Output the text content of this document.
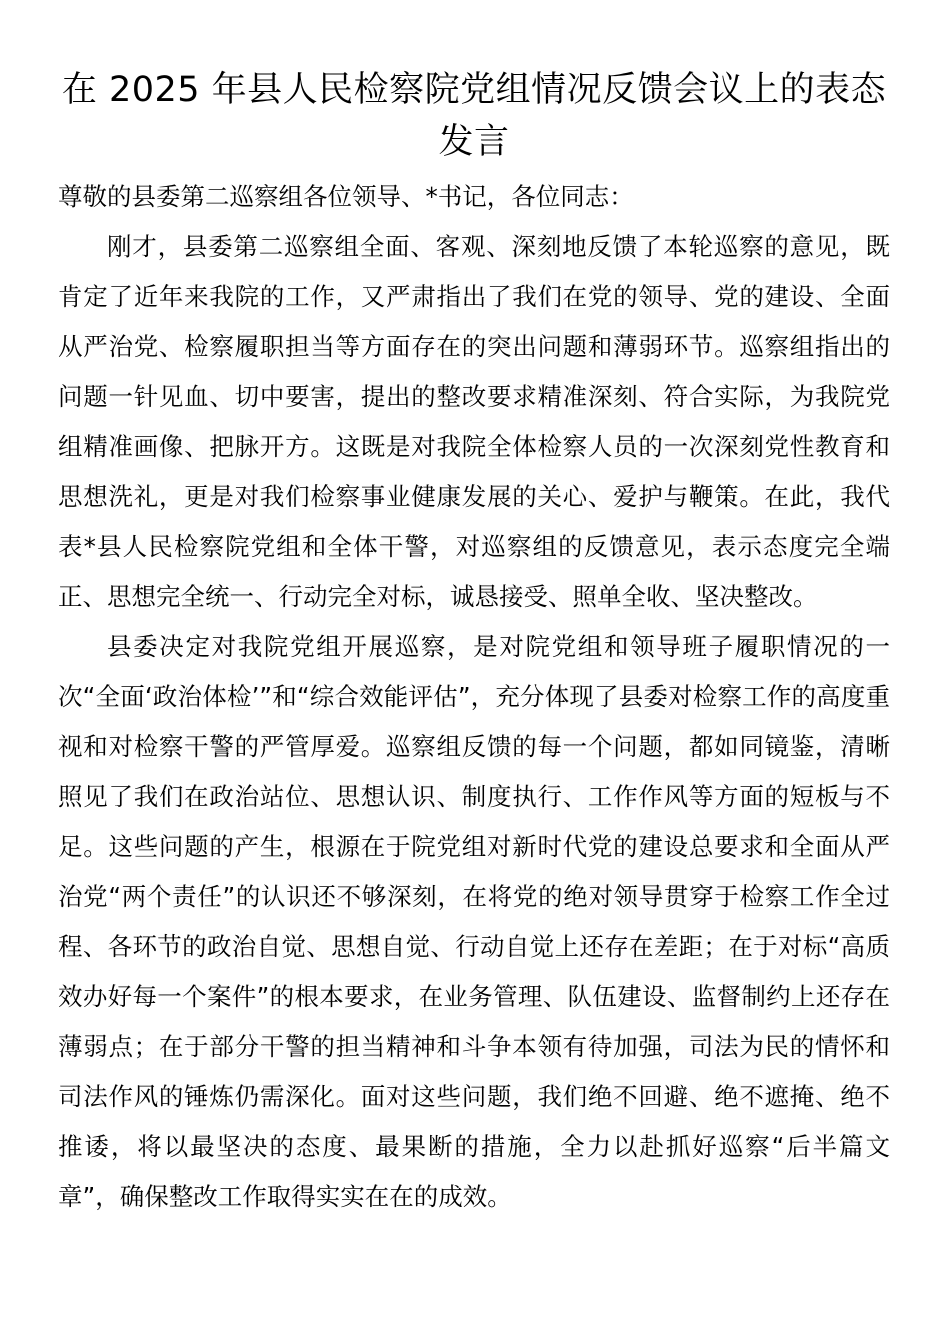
在 2025 年县人民检察院党组情况反馈会议上的表态发言

尊敬的县委第二巡察组各位领导、*书记，各位同志：

刚才，县委第二巡察组全面、客观、深刻地反馈了本轮巡察的意见，既肯定了近年来我院的工作，又严肃指出了我们在党的领导、党的建设、全面从严治党、检察履职担当等方面存在的突出问题和薄弱环节。巡察组指出的问题一针见血、切中要害，提出的整改要求精准深刻、符合实际，为我院党组精准画像、把脉开方。这既是对我院全体检察人员的一次深刻党性教育和思想洗礼，更是对我们检察事业健康发展的关心、爱护与鞭策。在此，我代表*县人民检察院党组和全体干警，对巡察组的反馈意见，表示态度完全端正、思想完全统一、行动完全对标，诚恳接受、照单全收、坚决整改。

县委决定对我院党组开展巡察，是对院党组和领导班子履职情况的一次“全面‘政治体检’”和“综合效能评估”，充分体现了县委对检察工作的高度重视和对检察干警的严管厚爱。巡察组反馈的每一个问题，都如同镜鉴，清晰照见了我们在政治站位、思想认识、制度执行、工作作风等方面的短板与不足。这些问题的产生，根源在于院党组对新时代党的建设总要求和全面从严治党“两个责任”的认识还不够深刻，在将党的绝对领导贯穿于检察工作全过程、各环节的政治自觉、思想自觉、行动自觉上还存在差距；在于对标“高质效办好每一个案件”的根本要求，在业务管理、队伍建设、监督制约上还存在薄弱点；在于部分干警的担当精神和斗争本领有待加强，司法为民的情怀和司法作风的锤炼仍需深化。面对这些问题，我们绝不回避、绝不遮掩、绝不推诿，将以最坚决的态度、最果断的措施，全力以赴抓好巡察“后半篇文章”，确保整改工作取得实实在在的成效。
